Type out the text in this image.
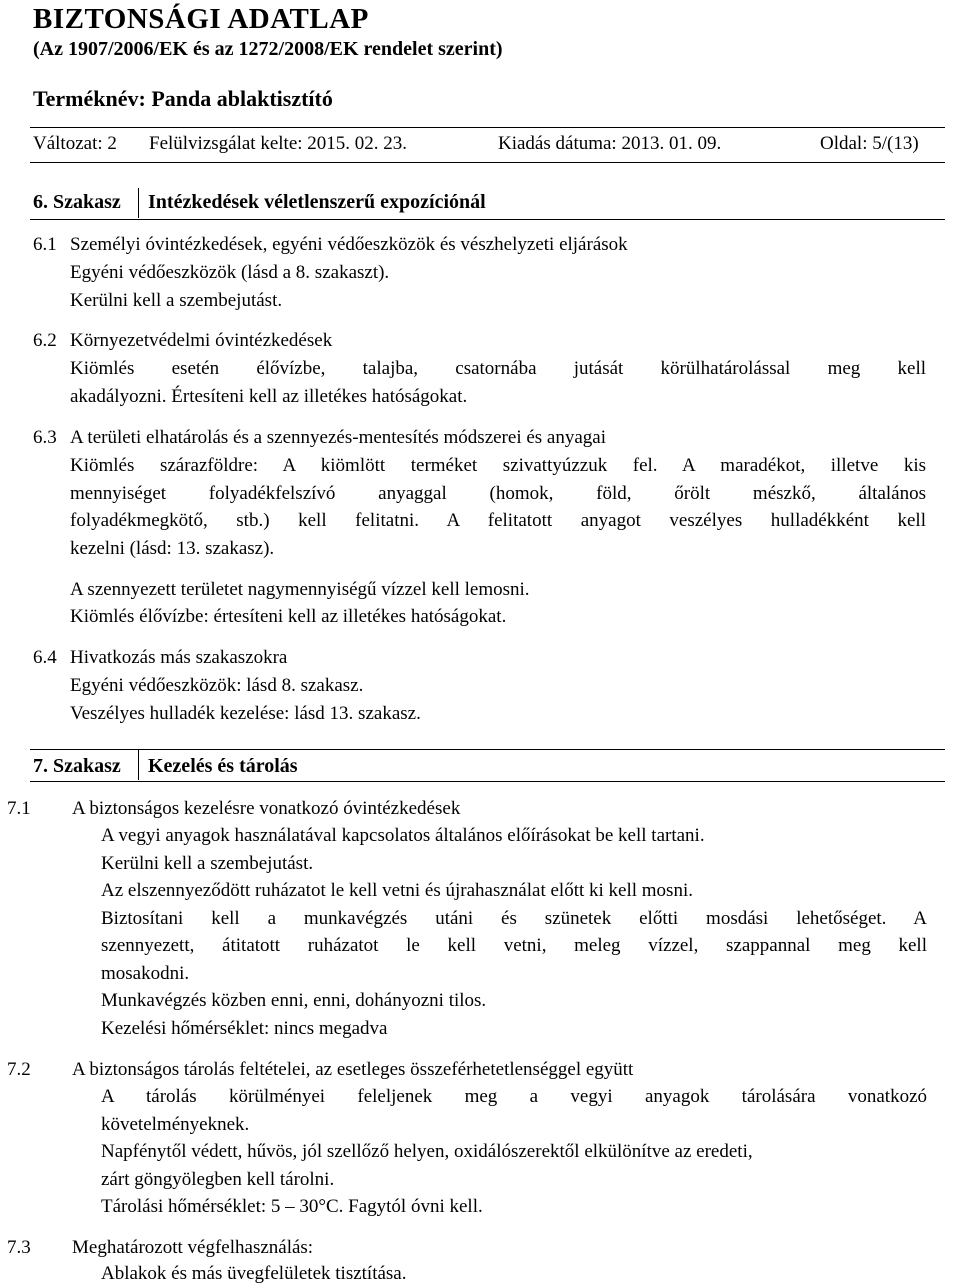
BIZTONSÁGI ADATLAP
(Az 1907/2006/EK és az 1272/2008/EK rendelet szerint)
Terméknév: Panda ablaktisztító
Változat: 2 Felülvizsgálat kelte: 2015. 02. 23.	Kiadás dátuma: 2013. 01. 09.	Oldal: 5/(13)
6. Szakasz Intézkedések véletlenszerű expozíciónál
6.1 Személyi óvintézkedések, egyéni védőeszközök és vészhelyzeti eljárások
Egyéni védőeszközök (lásd a 8. szakaszt).
Kerülni kell a szembejutást.
6.2 Környezetvédelmi óvintézkedések
Kiömlés esetén élővízbe, talajba, csatornába jutását körülhatárolással meg kell
akadályozni. Értesíteni kell az illetékes hatóságokat.
6.3 A területi elhatárolás és a szennyezés-mentesítés módszerei és anyagai
Kiömlés szárazföldre: A kiömlött terméket szivattyúzzuk fel. A maradékot, illetve kis
mennyiséget folyadékfelszívó anyaggal (homok, föld, őrölt mészkő, általános
folyadékmegkötő, stb.) kell felitatni. A felitatott anyagot veszélyes hulladékként kell
kezelni (lásd: 13. szakasz).
A szennyezett területet nagymennyiségű vízzel kell lemosni.
Kiömlés élővízbe: értesíteni kell az illetékes hatóságokat.
6.4 Hivatkozás más szakaszokra
Egyéni védőeszközök: lásd 8. szakasz.
Veszélyes hulladék kezelése: lásd 13. szakasz.
7. Szakasz Kezelés és tárolás
7.1 A biztonságos kezelésre vonatkozó óvintézkedések
A vegyi anyagok használatával kapcsolatos általános előírásokat be kell tartani.
Kerülni kell a szembejutást.
Az elszennyeződött ruházatot le kell vetni és újrahasználat előtt ki kell mosni.
Biztosítani kell a munkavégzés utáni és szünetek előtti mosdási lehetőséget. A
szennyezett, átitatott ruházatot le kell vetni, meleg vízzel, szappannal meg kell
mosakodni.
Munkavégzés közben enni, enni, dohányozni tilos.
Kezelési hőmérséklet: nincs megadva
7.2 A biztonságos tárolás feltételei, az esetleges összeférhetetlenséggel együtt
A tárolás körülményei feleljenek meg a vegyi anyagok tárolására vonatkozó
követelményeknek.
Napfénytől védett, hűvös, jól szellőző helyen, oxidálószerektől elkülönítve az eredeti,
zárt göngyölegben kell tárolni.
Tárolási hőmérséklet: 5 – 30°C. Fagytól óvni kell.
7.3 Meghatározott végfelhasználás:
Ablakok és más üvegfelületek tisztítása.
